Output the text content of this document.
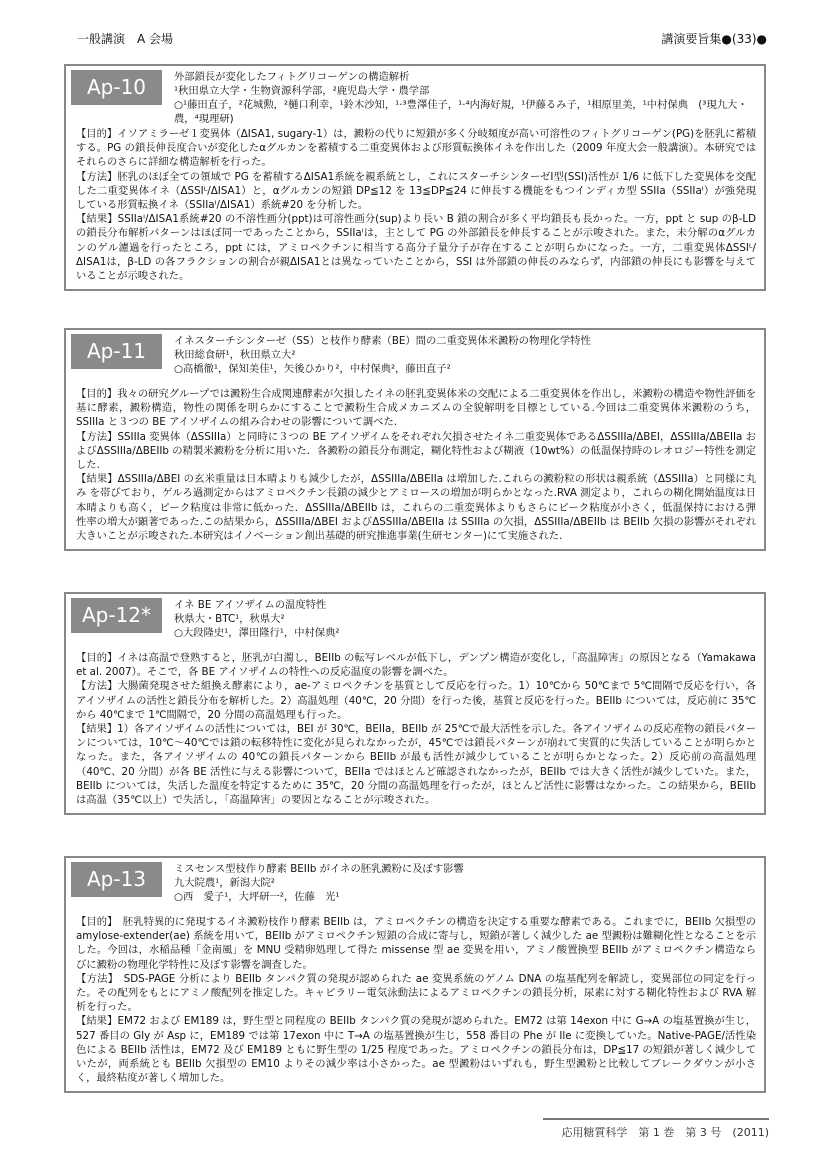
一般講演　A 会場	講演要旨集●(33)●
Ap-10	外部鎖長が変化したフィトグリコーゲンの構造解析
¹秋田県立大学・生物資源科学部，²鹿児島大学・農学部
○¹藤田直子，²花城勲，²樋口利幸，¹鈴木沙知，¹·³豊澤佳子，¹·⁴内海好規，¹伊藤るみ子，¹相原里美，¹中村保典　(³現九大・農，⁴現理研)

【目的】イソアミラーゼ１変異体（ΔISA1, sugary-1）は，澱粉の代りに短鎖が多く分岐頻度が高い可溶性のフィトグリコーゲン(PG)を胚乳に蓄積する。PG の鎖長伸長度合いが変化したαグルカンを蓄積する二重変異体および形質転換体イネを作出した（2009 年度大会一般講演）。本研究ではそれらのさらに詳細な構造解析を行った。

【方法】胚乳のほぼ全ての領域で PG を蓄積するΔISA1系統を親系統とし，これにスターチシンターゼⅠ型(SSI)活性が 1/6 に低下した変異体を交配した二重変異体イネ（ΔSSIᴸ/ΔISA1）と，αグルカンの短鎖 DP≦12 を 13≦DP≦24 に伸長する機能をもつインディカ型 SSIIa（SSIIaᴵ）が強発現している形質転換イネ（SSIIaᴵ/ΔISA1）系統#20 を分析した。

【結果】SSIIaᴵ/ΔISA1系統#20 の不溶性画分(ppt)は可溶性画分(sup)より長い B 鎖の割合が多く平均鎖長も長かった。一方，ppt と sup のβ-LD の鎖長分布解析パターンはほぼ同一であったことから，SSIIaᴵは，主として PG の外部鎖長を伸長することが示唆された。また，未分解のαグルカンのゲル濾過を行ったところ，ppt には，アミロペクチンに相当する高分子量分子が存在することが明らかになった。一方，二重変異体ΔSSIᴸ/ΔISA1は，β-LD の各フラクションの割合が親ΔISA1とは異なっていたことから，SSI は外部鎖の伸長のみならず，内部鎖の伸長にも影響を与えていることが示唆された。

Ap-11	イネスターチシンターゼ（SS）と枝作り酵素（BE）間の二重変異体米澱粉の物理化学特性
秋田総食研¹，秋田県立大²
○高橋徹¹，保知美佳¹，矢後ひかり²，中村保典²，藤田直子²

【目的】我々の研究グループでは澱粉生合成関連酵素が欠損したイネの胚乳変異体米の交配による二重変異体を作出し，米澱粉の構造や物性評価を基に酵素，澱粉構造，物性の関係を明らかにすることで澱粉生合成メカニズムの全貌解明を目標としている.今回は二重変異体米澱粉のうち，SSIIIa と３つの BE アイソザイムの組み合わせの影響について調べた.

【方法】SSIIIa 変異体（ΔSSIIIa）と同時に３つの BE アイソザイムをそれぞれ欠損させたイネ二重変異体であるΔSSIIIa/ΔBEI，ΔSSIIIa/ΔBEIIa およびΔSSIIIa/ΔBEIIb の精製米澱粉を分析に用いた．各澱粉の鎖長分布測定，糊化特性および糊液（10wt%）の低温保持時のレオロジー特性を測定した.

【結果】ΔSSIIIa/ΔBEI の玄米重量は日本晴よりも減少したが，ΔSSIIIa/ΔBEIIa は増加した.これらの澱粉粒の形状は親系統（ΔSSIIIa）と同様に丸み を帯びており，ゲルろ過測定からはアミロペクチン長鎖の減少とアミロースの増加が明らかとなった.RVA 測定より，これらの糊化開始温度は日本晴よりも高く，ピーク粘度は非常に低かった．ΔSSIIIa/ΔBEIIb は，これらの二重変異体よりもさらにピーク粘度が小さく，低温保持における弾性率の増大が顕著であった.この結果から，ΔSSIIIa/ΔBEI およびΔSSIIIa/ΔBEIIa は SSIIIa の欠損，ΔSSIIIa/ΔBEIIb は BEIIb 欠損の影響がそれぞれ大きいことが示唆された.本研究はイノベーション創出基礎的研究推進事業(生研センター)にて実施された.

Ap-12*	イネ BE アイソザイムの温度特性
秋県大・BTC¹，秋県大²
○大段隆史¹，澤田隆行¹，中村保典²

【目的】イネは高温で登熟すると，胚乳が白濁し，BEIIb の転写レベルが低下し，デンプン構造が変化し，「高温障害」の原因となる（Yamakawa et al. 2007）。そこで，各 BE アイソザイムの特性への反応温度の影響を調べた。

【方法】大腸菌発現させた組換え酵素により，ae-アミロペクチンを基質として反応を行った。1）10℃から 50℃まで 5℃間隔で反応を行い，各アイソザイムの活性と鎖長分布を解析した。2）高温処理（40℃，20 分間）を行った後，基質と反応を行った。BEIIb については，反応前に 35℃から 40℃まで 1℃間隔で，20 分間の高温処理も行った。

【結果】1）各アイソザイムの活性については，BEI が 30℃，BEIIa，BEIIb が 25℃で最大活性を示した。各アイソザイムの反応産物の鎖長パターンについては，10℃～40℃では鎖の転移特性に変化が見られなかったが，45℃では鎖長パターンが崩れて実質的に失活していることが明らかとなった。また，各アイソザイムの 40℃の鎖長パターンから BEIIb が最も活性が減少していることが明らかとなった。2）反応前の高温処理（40℃、20 分間）が各 BE 活性に与える影響について，BEIIa ではほとんど確認されなかったが，BEIIb では大きく活性が減少していた。また，BEIIb については，失活した温度を特定するために 35℃，20 分間の高温処理を行ったが，ほとんど活性に影響はなかった。この結果から，BEIIb は高温（35℃以上）で失活し，「高温障害」の要因となることが示唆された。

Ap-13	ミスセンス型枝作り酵素 BEIIb がイネの胚乳澱粉に及ぼす影響
九大院農¹，新潟大院²
○西　愛子¹，大坪研一²，佐藤　光¹

【目的】　胚乳特異的に発現するイネ澱粉枝作り酵素 BEIIb は，アミロペクチンの構造を決定する重要な酵素である。これまでに，BEIIb 欠損型の amylose-extender(ae) 系統を用いて，BEIIb がアミロペクチン短鎖の合成に寄与し，短鎖が著しく減少した ae 型澱粉は難糊化性となることを示した。今回は，水稲品種「金南風」を MNU 受精卵処理して得た missense 型 ae 変異を用い，アミノ酸置換型 BEIIb がアミロペクチン構造ならびに澱粉の物理化学特性に及ぼす影響を調査した。

【方法】　SDS-PAGE 分析により BEIIb タンパク質の発現が認められた ae 変異系統のゲノム DNA の塩基配列を解読し，変異部位の同定を行った。その配列をもとにアミノ酸配列を推定した。キャピラリー電気泳動法によるアミロペクチンの鎖長分析，尿素に対する糊化特性および RVA 解析を行った。

【結果】EM72 および EM189 は，野生型と同程度の BEIIb タンパク質の発現が認められた。EM72 は第 14exon 中に G→A の塩基置換が生じ，527 番目の Gly が Asp に，EM189 では第 17exon 中に T→A の塩基置換が生じ，558 番目の Phe が Ile に変換していた。Native-PAGE/活性染色による BEIIb 活性は，EM72 及び EM189 ともに野生型の 1/25 程度であった。アミロペクチンの鎖長分布は，DP≦17 の短鎖が著しく減少していたが，両系統とも BEIIb 欠損型の EM10 よりその減少率は小さかった。ae 型澱粉はいずれも，野生型澱粉と比較してブレークダウンが小さく，最終粘度が著しく増加した。

応用糖質科学　第 1 巻　第 3 号　(2011)
